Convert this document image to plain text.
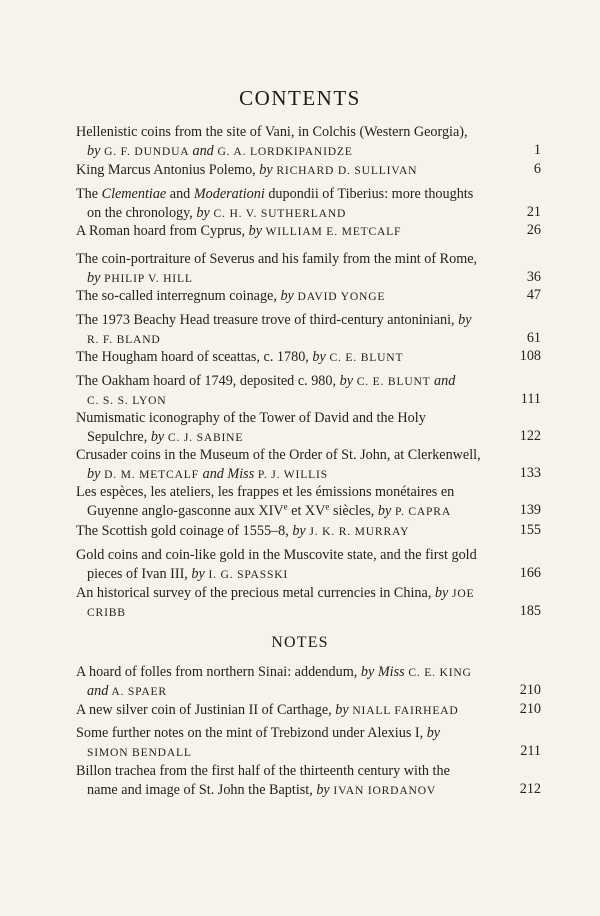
CONTENTS
NOTES
Hellenistic coins from the site of Vani, in Colchis (Western Georgia),
by G. F. DUNDUA and G. A. LORDKIPANIDZE	1
King Marcus Antonius Polemo, by RICHARD D. SULLIVAN	6
The Clementiae and Moderationi dupondii of Tiberius: more thoughts
on the chronology, by C. H. V. SUTHERLAND	21
A Roman hoard from Cyprus, by WILLIAM E. METCALF	26
The coin-portraiture of Severus and his family from the mint of Rome,
by PHILIP V. HILL	36
The so-called interregnum coinage, by DAVID YONGE	47
The 1973 Beachy Head treasure trove of third-century antoniniani, by
R. F. BLAND	61
The Hougham hoard of sceattas, c. 1780, by C. E. BLUNT	108
The Oakham hoard of 1749, deposited c. 980, by C. E. BLUNT and
C. S. S. LYON	111
Numismatic iconography of the Tower of David and the Holy
Sepulchre, by C. J. SABINE	122
Crusader coins in the Museum of the Order of St. John, at Clerkenwell,
by D. M. METCALF and Miss P. J. WILLIS	133
Les espèces, les ateliers, les frappes et les émissions monétaires en
Guyenne anglo-gasconne aux XIVe et XVe siècles, by P. CAPRA	139
The Scottish gold coinage of 1555–8, by J. K. R. MURRAY	155
Gold coins and coin-like gold in the Muscovite state, and the first gold
pieces of Ivan III, by I. G. SPASSKI	166
An historical survey of the precious metal currencies in China, by JOE
CRIBB	185
A hoard of folles from northern Sinai: addendum, by Miss C. E. KING
and A. SPAER	210
A new silver coin of Justinian II of Carthage, by NIALL FAIRHEAD	210
Some further notes on the mint of Trebizond under Alexius I, by
SIMON BENDALL	211
Billon trachea from the first half of the thirteenth century with the
name and image of St. John the Baptist, by IVAN IORDANOV	212
